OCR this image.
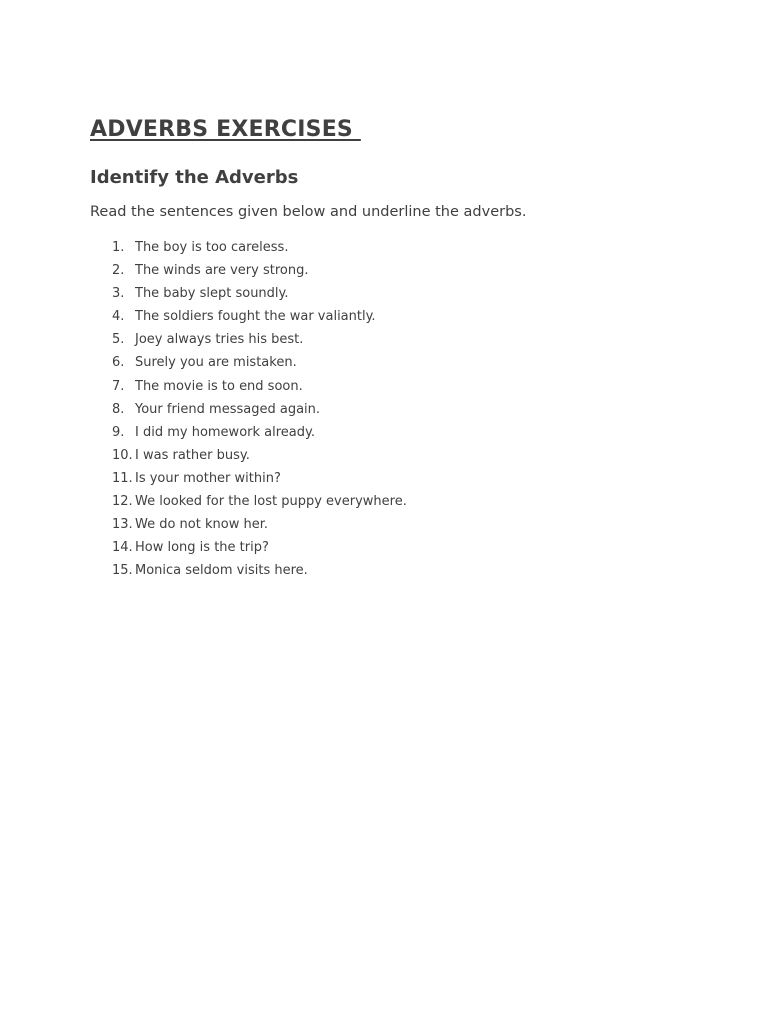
ADVERBS EXERCISES
Identify the Adverbs

Read the sentences given below and underline the adverbs.

1. The boy is too careless.
2. The winds are very strong.
3. The baby slept soundly.
4. The soldiers fought the war valiantly.
5. Joey always tries his best.
6. Surely you are mistaken.
7. The movie is to end soon.
8. Your friend messaged again.
9. I did my homework already.
10. I was rather busy.
11. Is your mother within?
12. We looked for the lost puppy everywhere.
13. We do not know her.
14. How long is the trip?
15. Monica seldom visits here.
